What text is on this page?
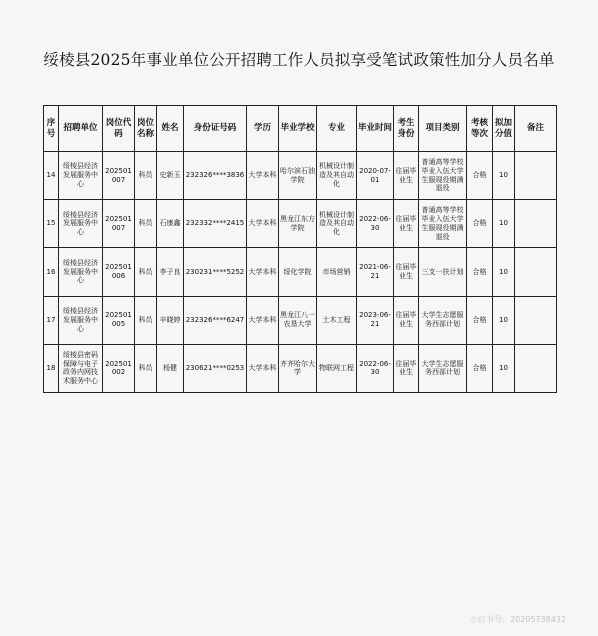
绥棱县2025年事业单位公开招聘工作人员拟享受笔试政策性加分人员名单
序号	招聘单位	岗位代码	岗位名称	姓名	身份证号码	学历	毕业学校	专业	毕业时间	考生身份	项目类别	考核等次	拟加分值	备注
14	绥棱县经济发展服务中心	202501007	科员	史新玉	232326****3836	大学本科	哈尔滨石油学院	机械设计制造及其自动化	2020-07-01	往届毕业生	普通高等学校毕业入伍大学生服现役期满退役	合格	10	
15	绥棱县经济发展服务中心	202501007	科员	石康鑫	232332****2415	大学本科	黑龙江东方学院	机械设计制造及其自动化	2022-06-30	往届毕业生	普通高等学校毕业入伍大学生服现役期满退役	合格	10	
16	绥棱县经济发展服务中心	202501006	科员	李子良	230231****5252	大学本科	绥化学院	市场营销	2021-06-21	往届毕业生	三支一扶计划	合格	10	
17	绥棱县经济发展服务中心	202501005	科员	辛晓婷	232326****6247	大学本科	黑龙江八一农垦大学	土木工程	2023-06-21	往届毕业生	大学生志愿服务西部计划	合格	10	
18	绥棱县密码保障与电子政务内网技术服务中心	202501002	科员	杨健	230621****0253	大学本科	齐齐哈尔大学	物联网工程	2022-06-30	往届毕业生	大学生志愿服务西部计划	合格	10	
小红书号：2020573​8432
